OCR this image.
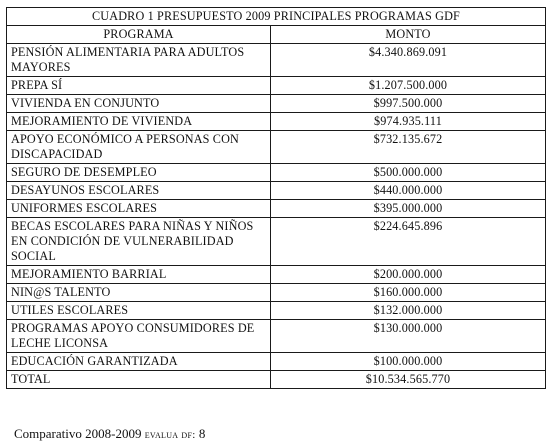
CUADRO 1 PRESUPUESTO 2009 PRINCIPALES PROGRAMAS GDF	
PROGRAMA	MONTO
PENSIÓN ALIMENTARIA PARA ADULTOS MAYORES	$4.340.869.091
PREPA SÍ	$1.207.500.000
VIVIENDA EN CONJUNTO	$997.500.000
MEJORAMIENTO DE VIVIENDA	$974.935.111
APOYO ECONÓMICO A PERSONAS CON DISCAPACIDAD	$732.135.672
SEGURO DE DESEMPLEO	$500.000.000
DESAYUNOS ESCOLARES	$440.000.000
UNIFORMES ESCOLARES	$395.000.000
BECAS ESCOLARES PARA NIÑAS Y NIÑOS EN CONDICIÓN DE VULNERABILIDAD SOCIAL	$224.645.896
MEJORAMIENTO BARRIAL	$200.000.000
NIN@S TALENTO	$160.000.000
UTILES ESCOLARES	$132.000.000
PROGRAMAS APOYO CONSUMIDORES DE LECHE LICONSA	$130.000.000
EDUCACIÓN GARANTIZADA	$100.000.000
TOTAL	$10.534.565.770
Comparativo 2008-2009 evalua df: 8
